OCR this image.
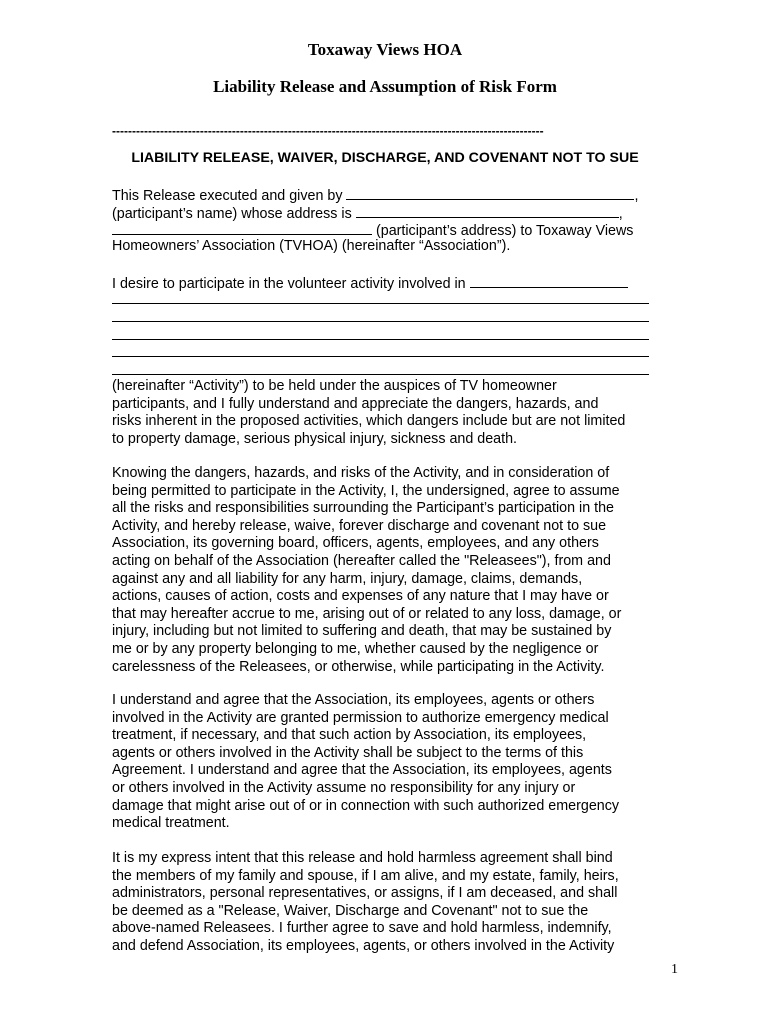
Toxaway Views HOA
Liability Release and Assumption of Risk Form
------------------------------------------------------------------------------------------------------------
LIABILITY RELEASE, WAIVER, DISCHARGE, AND COVENANT NOT TO SUE
This Release executed and given by	,
(participant’s name) whose address is	,
(participant’s address) to Toxaway Views
Homeowners’ Association (TVHOA) (hereinafter “Association”).
I desire to participate in the volunteer activity involved in
(hereinafter “Activity”) to be held under the auspices of TV homeowner
participants, and I fully understand and appreciate the dangers, hazards, and
risks inherent in the proposed activities, which dangers include but are not limited
to property damage, serious physical injury, sickness and death.
Knowing the dangers, hazards, and risks of the Activity, and in consideration of
being permitted to participate in the Activity, I, the undersigned, agree to assume
all the risks and responsibilities surrounding the Participant’s participation in the
Activity, and hereby release, waive, forever discharge and covenant not to sue
Association, its governing board, officers, agents, employees, and any others
acting on behalf of the Association (hereafter called the "Releasees"), from and
against any and all liability for any harm, injury, damage, claims, demands,
actions, causes of action, costs and expenses of any nature that I may have or
that may hereafter accrue to me, arising out of or related to any loss, damage, or
injury, including but not limited to suffering and death, that may be sustained by
me or by any property belonging to me, whether caused by the negligence or
carelessness of the Releasees, or otherwise, while participating in the Activity.
I understand and agree that the Association, its employees, agents or others
involved in the Activity are granted permission to authorize emergency medical
treatment, if necessary, and that such action by Association, its employees,
agents or others involved in the Activity shall be subject to the terms of this
Agreement. I understand and agree that the Association, its employees, agents
or others involved in the Activity assume no responsibility for any injury or
damage that might arise out of or in connection with such authorized emergency
medical treatment.
It is my express intent that this release and hold harmless agreement shall bind
the members of my family and spouse, if I am alive, and my estate, family, heirs,
administrators, personal representatives, or assigns, if I am deceased, and shall
be deemed as a "Release, Waiver, Discharge and Covenant" not to sue the
above-named Releasees. I further agree to save and hold harmless, indemnify,
and defend Association, its employees, agents, or others involved in the Activity
1
